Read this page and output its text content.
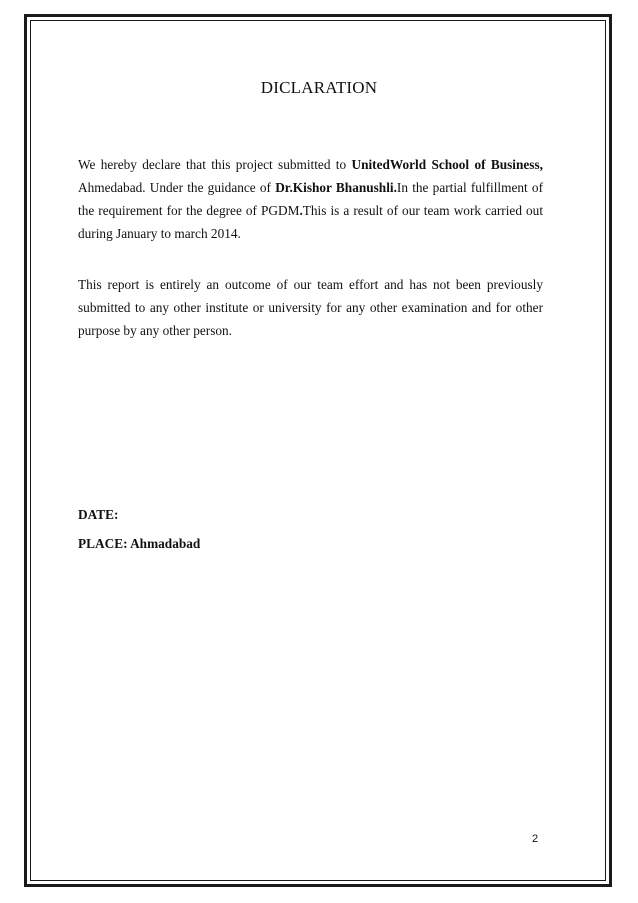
DICLARATION
We hereby declare that this project submitted to UnitedWorld School of Business, Ahmedabad. Under the guidance of Dr.Kishor Bhanushli.In the partial fulfillment of the requirement for the degree of PGDM.This is a result of our team work carried out during January to march 2014.
This report is entirely an outcome of our team effort and has not been previously submitted to any other institute or university for any other examination and for other purpose by any other person.
DATE:
PLACE: Ahmadabad
2
